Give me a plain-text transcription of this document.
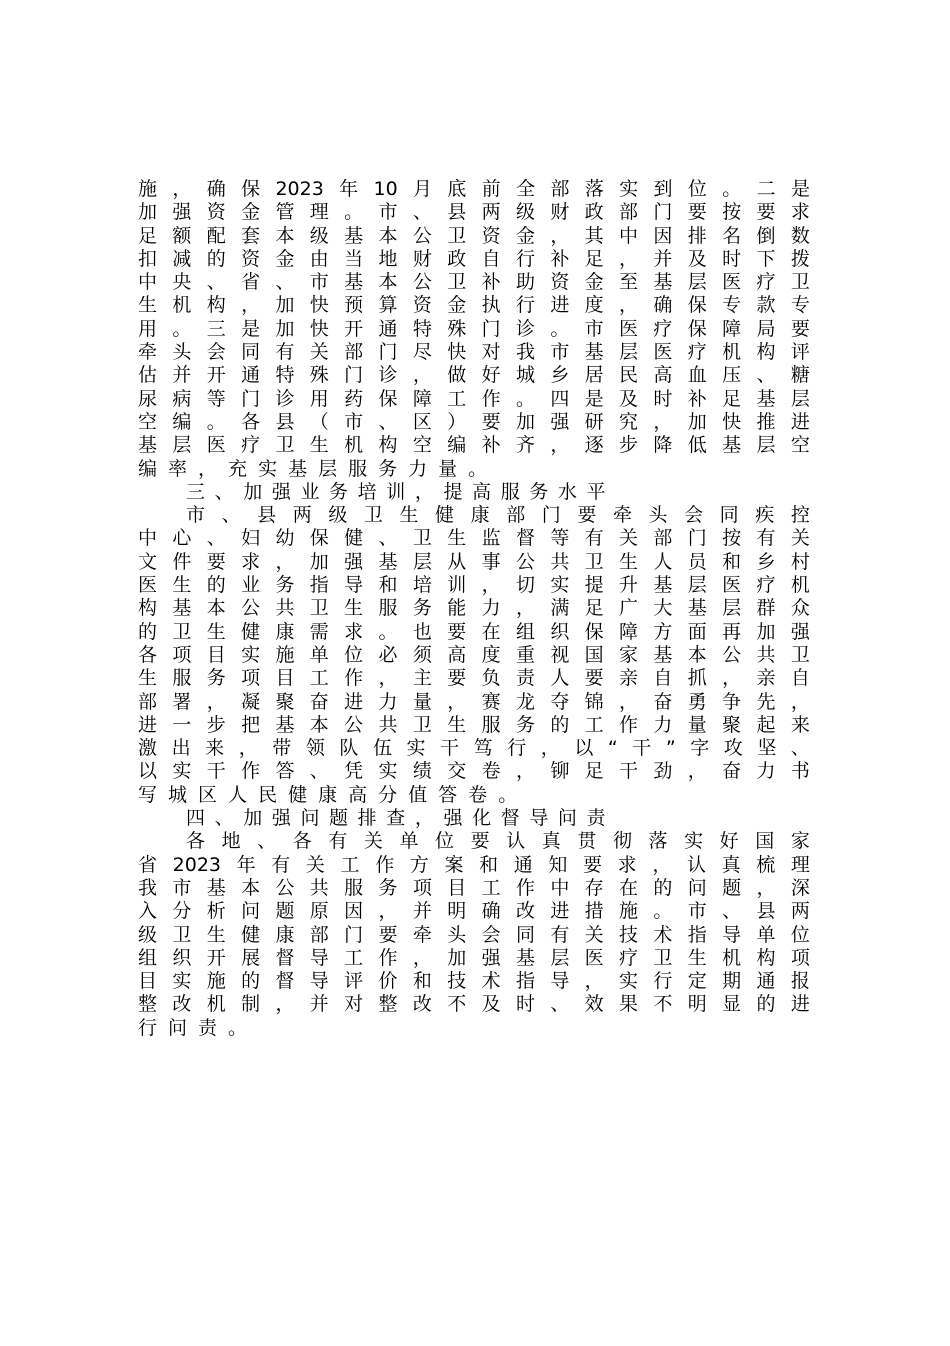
施 ， 确 保 2023 年 10 月 底 前 全 部 落 实 到 位 。 二 是
加 强 资 金 管 理 。 市 、 县 两 级 财 政 部 门 要 按 要 求
足 额 配 套 本 级 基 本 公 卫 资 金 ， 其 中 因 排 名 倒 数
扣 减 的 资 金 由 当 地 财 政 自 行 补 足 ， 并 及 时 下 拨
中 央 、 省 、 市 基 本 公 卫 补 助 资 金 至 基 层 医 疗 卫
生 机 构 ， 加 快 预 算 资 金 执 行 进 度 ， 确 保 专 款 专
用 。 三 是 加 快 开 通 特 殊 门 诊 。 市 医 疗 保 障 局 要
牵 头 会 同 有 关 部 门 尽 快 对 我 市 基 层 医 疗 机 构 评
估 并 开 通 特 殊 门 诊 ， 做 好 城 乡 居 民 高 血 压 、 糖
尿 病 等 门 诊 用 药 保 障 工 作 。 四 是 及 时 补 足 基 层
空 编 。 各 县 （ 市 、 区 ） 要 加 强 研 究 ， 加 快 推 进
基 层 医 疗 卫 生 机 构 空 编 补 齐 ， 逐 步 降 低 基 层 空
编 率 ， 充 实 基 层 服 务 力 量 。
三 、 加 强 业 务 培 训 ， 提 高 服 务 水 平
市 、 县 两 级 卫 生 健 康 部 门 要 牵 头 会 同 疾 控
中 心 、 妇 幼 保 健 、 卫 生 监 督 等 有 关 部 门 按 有 关
文 件 要 求 ， 加 强 基 层 从 事 公 共 卫 生 人 员 和 乡 村
医 生 的 业 务 指 导 和 培 训 ， 切 实 提 升 基 层 医 疗 机
构 基 本 公 共 卫 生 服 务 能 力 ， 满 足 广 大 基 层 群 众
的 卫 生 健 康 需 求 。 也 要 在 组 织 保 障 方 面 再 加 强
各 项 目 实 施 单 位 必 须 高 度 重 视 国 家 基 本 公 共 卫
生 服 务 项 目 工 作 ， 主 要 负 责 人 要 亲 自 抓 ， 亲 自
部 署 ， 凝 聚 奋 进 力 量 ， 赛 龙 夺 锦 ， 奋 勇 争 先 ，
进 一 步 把 基 本 公 共 卫 生 服 务 的 工 作 力 量 聚 起 来
激 出 来 ， 带 领 队 伍 实 干 笃 行 ， 以 “ 干 ” 字 攻 坚 、
以 实 干 作 答 、 凭 实 绩 交 卷 ， 铆 足 干 劲 ， 奋 力 书
写 城 区 人 民 健 康 高 分 值 答 卷 。
四 、 加 强 问 题 排 查 ， 强 化 督 导 问 责
各 地 、 各 有 关 单 位 要 认 真 贯 彻 落 实 好 国 家
省 2023 年 有 关 工 作 方 案 和 通 知 要 求 ， 认 真 梳 理
我 市 基 本 公 共 服 务 项 目 工 作 中 存 在 的 问 题 ， 深
入 分 析 问 题 原 因 ， 并 明 确 改 进 措 施 。 市 、 县 两
级 卫 生 健 康 部 门 要 牵 头 会 同 有 关 技 术 指 导 单 位
组 织 开 展 督 导 工 作 ， 加 强 基 层 医 疗 卫 生 机 构 项
目 实 施 的 督 导 评 价 和 技 术 指 导 ， 实 行 定 期 通 报
整 改 机 制 ， 并 对 整 改 不 及 时 、 效 果 不 明 显 的 进
行 问 责 。
